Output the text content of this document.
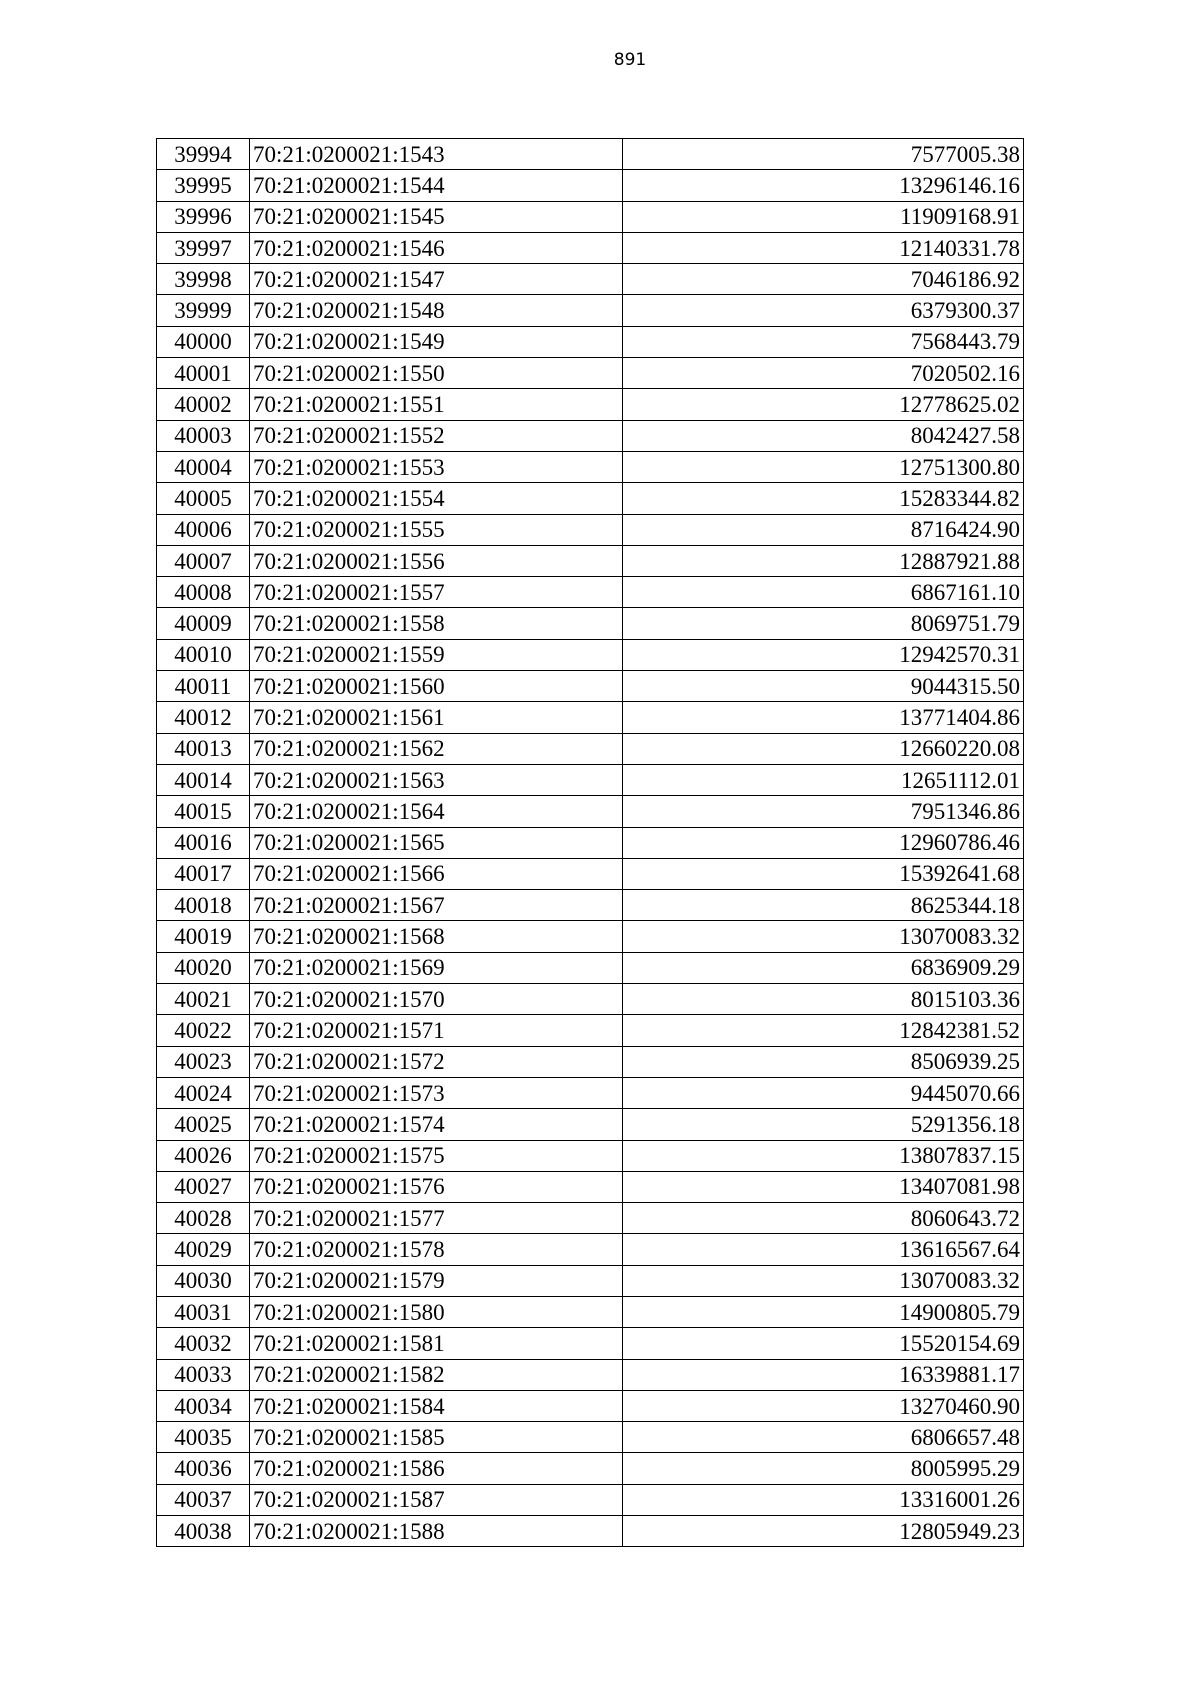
891
39994	70:21:0200021:1543	7577005.38
39995	70:21:0200021:1544	13296146.16
39996	70:21:0200021:1545	11909168.91
39997	70:21:0200021:1546	12140331.78
39998	70:21:0200021:1547	7046186.92
39999	70:21:0200021:1548	6379300.37
40000	70:21:0200021:1549	7568443.79
40001	70:21:0200021:1550	7020502.16
40002	70:21:0200021:1551	12778625.02
40003	70:21:0200021:1552	8042427.58
40004	70:21:0200021:1553	12751300.80
40005	70:21:0200021:1554	15283344.82
40006	70:21:0200021:1555	8716424.90
40007	70:21:0200021:1556	12887921.88
40008	70:21:0200021:1557	6867161.10
40009	70:21:0200021:1558	8069751.79
40010	70:21:0200021:1559	12942570.31
40011	70:21:0200021:1560	9044315.50
40012	70:21:0200021:1561	13771404.86
40013	70:21:0200021:1562	12660220.08
40014	70:21:0200021:1563	12651112.01
40015	70:21:0200021:1564	7951346.86
40016	70:21:0200021:1565	12960786.46
40017	70:21:0200021:1566	15392641.68
40018	70:21:0200021:1567	8625344.18
40019	70:21:0200021:1568	13070083.32
40020	70:21:0200021:1569	6836909.29
40021	70:21:0200021:1570	8015103.36
40022	70:21:0200021:1571	12842381.52
40023	70:21:0200021:1572	8506939.25
40024	70:21:0200021:1573	9445070.66
40025	70:21:0200021:1574	5291356.18
40026	70:21:0200021:1575	13807837.15
40027	70:21:0200021:1576	13407081.98
40028	70:21:0200021:1577	8060643.72
40029	70:21:0200021:1578	13616567.64
40030	70:21:0200021:1579	13070083.32
40031	70:21:0200021:1580	14900805.79
40032	70:21:0200021:1581	15520154.69
40033	70:21:0200021:1582	16339881.17
40034	70:21:0200021:1584	13270460.90
40035	70:21:0200021:1585	6806657.48
40036	70:21:0200021:1586	8005995.29
40037	70:21:0200021:1587	13316001.26
40038	70:21:0200021:1588	12805949.23
